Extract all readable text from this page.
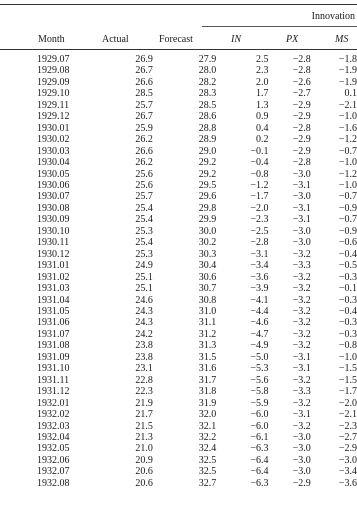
Innovation
Month	Actual	Forecast	IN	PX	MS
1929.07	26.9	27.9	2.5	−2.8	−1.8
1929.08	26.7	28.0	2.3	−2.8	−1.9
1929.09	26.6	28.2	2.0	−2.6	−1.9
1929.10	28.5	28.3	1.7	−2.7	0.1
1929.11	25.7	28.5	1.3	−2.9	−2.1
1929.12	26.7	28.6	0.9	−2.9	−1.0
1930.01	25.9	28.8	0.4	−2.8	−1.6
1930.02	26.2	28.9	0.2	−2.9	−1.2
1930.03	26.6	29.0	−0.1	−2.9	−0.7
1930.04	26.2	29.2	−0.4	−2.8	−1.0
1930.05	25.6	29.2	−0.8	−3.0	−1.2
1930.06	25.6	29.5	−1.2	−3.1	−1.0
1930.07	25.7	29.6	−1.7	−3.0	−0.7
1930.08	25.4	29.8	−2.0	−3.1	−0.9
1930.09	25.4	29.9	−2.3	−3.1	−0.7
1930.10	25.3	30.0	−2.5	−3.0	−0.9
1930.11	25.4	30.2	−2.8	−3.0	−0.6
1930.12	25.3	30.3	−3.1	−3.2	−0.4
1931.01	24.9	30.4	−3.4	−3.3	−0.5
1931.02	25.1	30.6	−3.6	−3.2	−0.3
1931.03	25.1	30.7	−3.9	−3.2	−0.1
1931.04	24.6	30.8	−4.1	−3.2	−0.3
1931.05	24.3	31.0	−4.4	−3.2	−0.4
1931.06	24.3	31.1	−4.6	−3.2	−0.3
1931.07	24.2	31.2	−4.7	−3.2	−0.3
1931.08	23.8	31.3	−4.9	−3.2	−0.8
1931.09	23.8	31.5	−5.0	−3.1	−1.0
1931.10	23.1	31.6	−5.3	−3.1	−1.5
1931.11	22.8	31.7	−5.6	−3.2	−1.5
1931.12	22.3	31.8	−5.8	−3.3	−1.7
1932.01	21.9	31.9	−5.9	−3.2	−2.0
1932.02	21.7	32.0	−6.0	−3.1	−2.1
1932.03	21.5	32.1	−6.0	−3.2	−2.3
1932.04	21.3	32.2	−6.1	−3.0	−2.7
1932.05	21.0	32.4	−6.3	−3.0	−2.9
1932.06	20.9	32.5	−6.4	−3.0	−3.0
1932.07	20.6	32.5	−6.4	−3.0	−3.4
1932.08	20.6	32.7	−6.3	−2.9	−3.6
